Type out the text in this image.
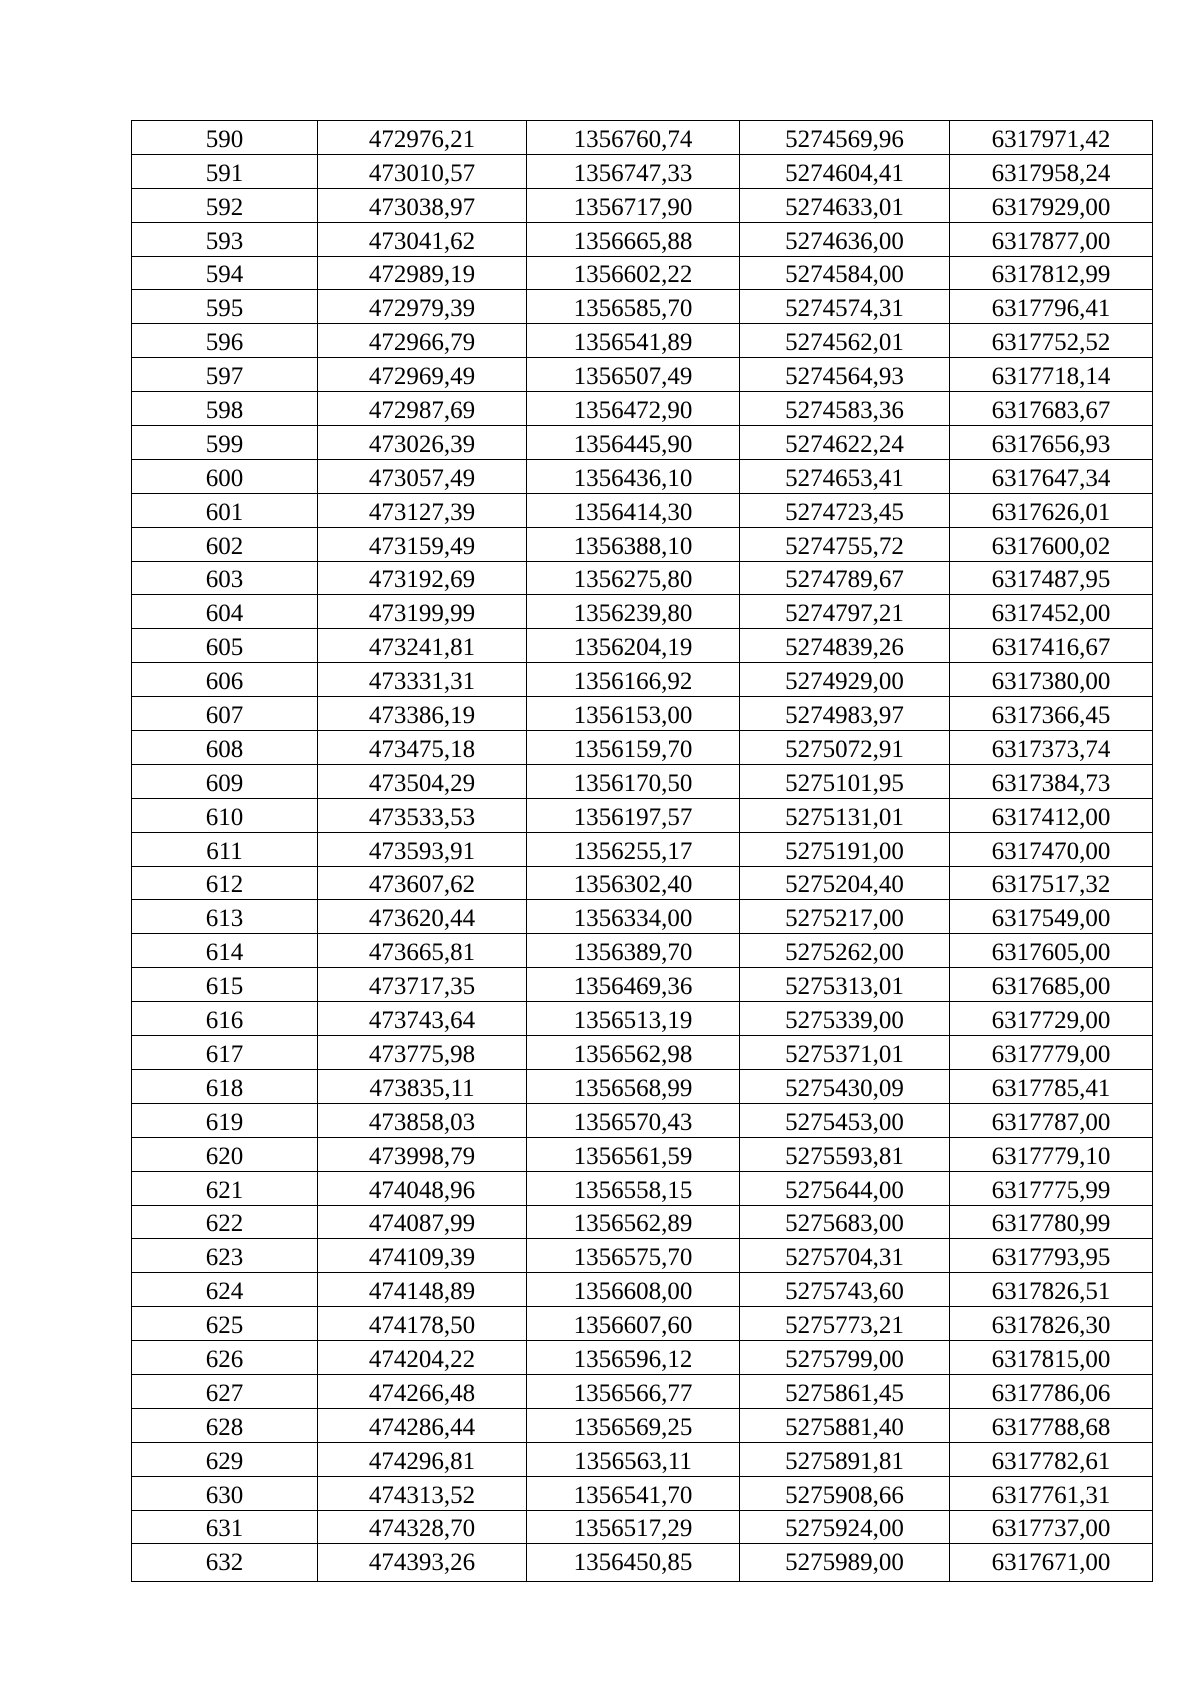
590	472976,21	1356760,74	5274569,96	6317971,42
591	473010,57	1356747,33	5274604,41	6317958,24
592	473038,97	1356717,90	5274633,01	6317929,00
593	473041,62	1356665,88	5274636,00	6317877,00
594	472989,19	1356602,22	5274584,00	6317812,99
595	472979,39	1356585,70	5274574,31	6317796,41
596	472966,79	1356541,89	5274562,01	6317752,52
597	472969,49	1356507,49	5274564,93	6317718,14
598	472987,69	1356472,90	5274583,36	6317683,67
599	473026,39	1356445,90	5274622,24	6317656,93
600	473057,49	1356436,10	5274653,41	6317647,34
601	473127,39	1356414,30	5274723,45	6317626,01
602	473159,49	1356388,10	5274755,72	6317600,02
603	473192,69	1356275,80	5274789,67	6317487,95
604	473199,99	1356239,80	5274797,21	6317452,00
605	473241,81	1356204,19	5274839,26	6317416,67
606	473331,31	1356166,92	5274929,00	6317380,00
607	473386,19	1356153,00	5274983,97	6317366,45
608	473475,18	1356159,70	5275072,91	6317373,74
609	473504,29	1356170,50	5275101,95	6317384,73
610	473533,53	1356197,57	5275131,01	6317412,00
611	473593,91	1356255,17	5275191,00	6317470,00
612	473607,62	1356302,40	5275204,40	6317517,32
613	473620,44	1356334,00	5275217,00	6317549,00
614	473665,81	1356389,70	5275262,00	6317605,00
615	473717,35	1356469,36	5275313,01	6317685,00
616	473743,64	1356513,19	5275339,00	6317729,00
617	473775,98	1356562,98	5275371,01	6317779,00
618	473835,11	1356568,99	5275430,09	6317785,41
619	473858,03	1356570,43	5275453,00	6317787,00
620	473998,79	1356561,59	5275593,81	6317779,10
621	474048,96	1356558,15	5275644,00	6317775,99
622	474087,99	1356562,89	5275683,00	6317780,99
623	474109,39	1356575,70	5275704,31	6317793,95
624	474148,89	1356608,00	5275743,60	6317826,51
625	474178,50	1356607,60	5275773,21	6317826,30
626	474204,22	1356596,12	5275799,00	6317815,00
627	474266,48	1356566,77	5275861,45	6317786,06
628	474286,44	1356569,25	5275881,40	6317788,68
629	474296,81	1356563,11	5275891,81	6317782,61
630	474313,52	1356541,70	5275908,66	6317761,31
631	474328,70	1356517,29	5275924,00	6317737,00
632	474393,26	1356450,85	5275989,00	6317671,00
